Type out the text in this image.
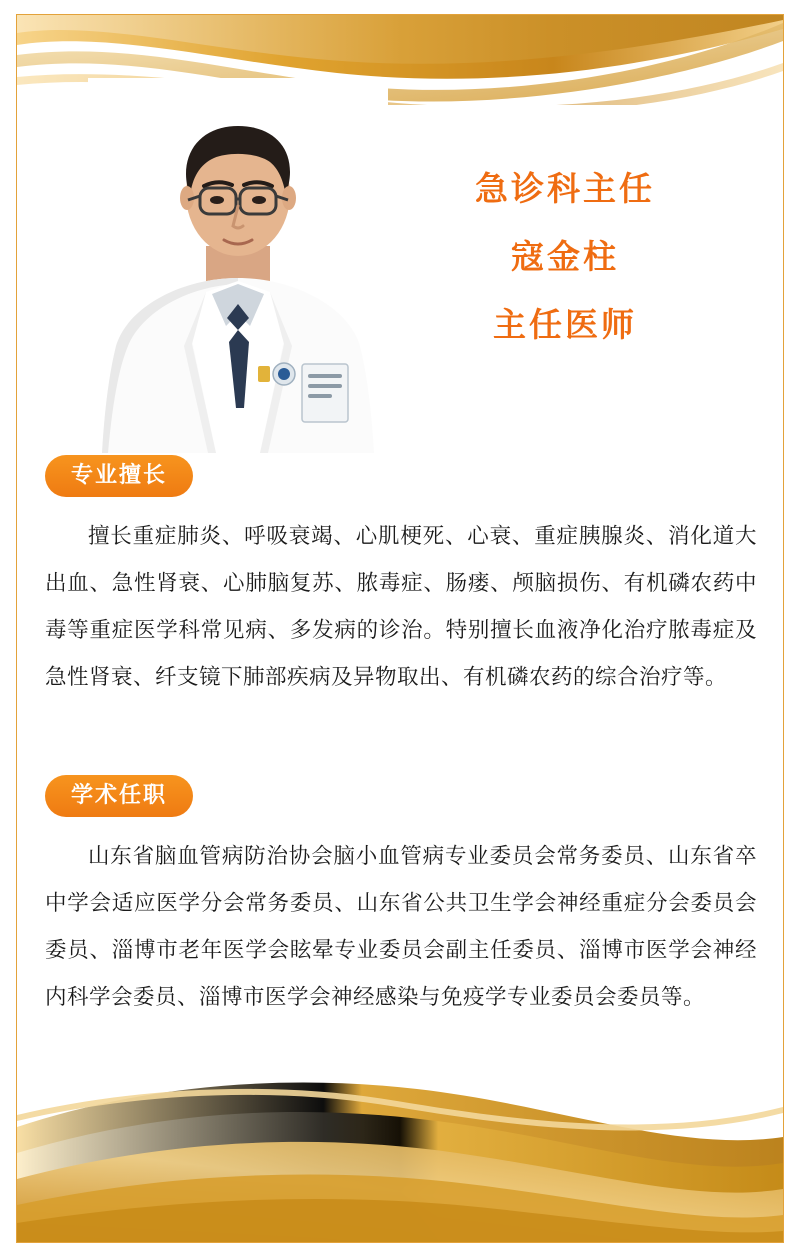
急诊科主任
寇金柱
主任医师
专业擅长
擅长重症肺炎、呼吸衰竭、心肌梗死、心衰、重症胰腺炎、消化道大出血、急性肾衰、心肺脑复苏、脓毒症、肠瘘、颅脑损伤、有机磷农药中毒等重症医学科常见病、多发病的诊治。特别擅长血液净化治疗脓毒症及急性肾衰、纤支镜下肺部疾病及异物取出、有机磷农药的综合治疗等。
学术任职
山东省脑血管病防治协会脑小血管病专业委员会常务委员、山东省卒中学会适应医学分会常务委员、山东省公共卫生学会神经重症分会委员会委员、淄博市老年医学会眩晕专业委员会副主任委员、淄博市医学会神经内科学会委员、淄博市医学会神经感染与免疫学专业委员会委员等。
